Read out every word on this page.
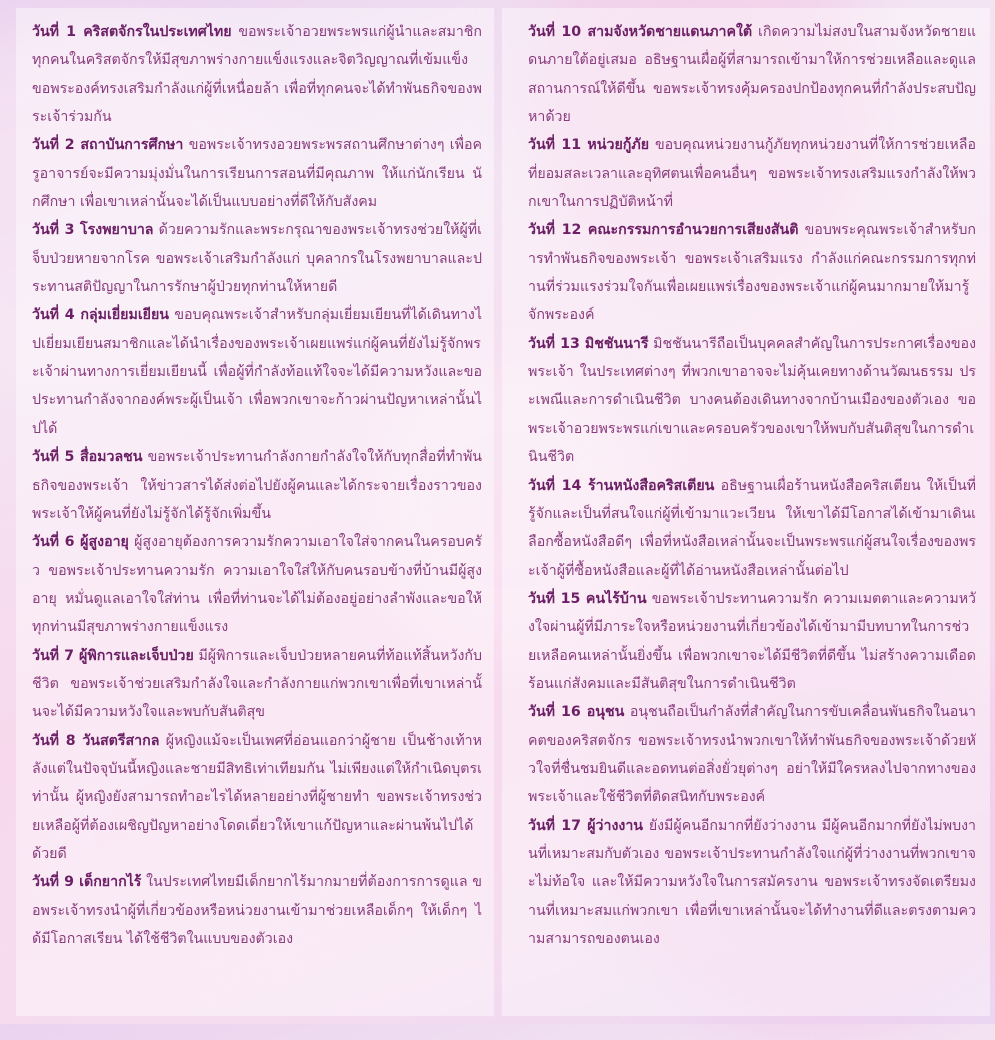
วันที่ 1 คริสตจักรในประเทศไทย ขอพระเจ้าอวยพระพรแก่ผู้นำและสมาชิกทุกคนในคริสตจักรให้มีสุขภาพร่างกายแข็งแรงและจิตวิญญาณที่เข้มแข็ง ขอพระองค์ทรงเสริมกำลังแก่ผู้ที่เหนื่อยล้า เพื่อที่ทุกคนจะได้ทำพันธกิจของพระเจ้าร่วมกัน

วันที่ 2 สถาบันการศึกษา ขอพระเจ้าทรงอวยพระพรสถานศึกษาต่างๆ เพื่อครูอาจารย์จะมีความมุ่งมั่นในการเรียนการสอนที่มีคุณภาพ ให้แก่นักเรียน นักศึกษา เพื่อเขาเหล่านั้นจะได้เป็นแบบอย่างที่ดีให้กับสังคม

วันที่ 3 โรงพยาบาล ด้วยความรักและพระกรุณาของพระเจ้าทรงช่วยให้ผู้ที่เจ็บป่วยหายจากโรค ขอพระเจ้าเสริมกำลังแก่ บุคลากรในโรงพยาบาลและประทานสติปัญญาในการรักษาผู้ป่วยทุกท่านให้หายดี

วันที่ 4 กลุ่มเยี่ยมเยียน ขอบคุณพระเจ้าสำหรับกลุ่มเยี่ยมเยียนที่ได้เดินทางไปเยี่ยมเยียนสมาชิกและได้นำเรื่องของพระเจ้าเผยแพร่แก่ผู้คนที่ยังไม่รู้จักพระเจ้าผ่านทางการเยี่ยมเยียนนี้ เพื่อผู้ที่กำลังท้อแท้ใจจะได้มีความหวังและขอประทานกำลังจากองค์พระผู้เป็นเจ้า เพื่อพวกเขาจะก้าวผ่านปัญหาเหล่านั้นไปได้

วันที่ 5 สื่อมวลชน ขอพระเจ้าประทานกำลังกายกำลังใจให้กับทุกสื่อที่ทำพันธกิจของพระเจ้า ให้ข่าวสารได้ส่งต่อไปยังผู้คนและได้กระจายเรื่องราวของพระเจ้าให้ผู้คนที่ยังไม่รู้จักได้รู้จักเพิ่มขึ้น

วันที่ 6 ผู้สูงอายุ ผู้สูงอายุต้องการความรักความเอาใจใส่จากคนในครอบครัว ขอพระเจ้าประทานความรัก ความเอาใจใส่ให้กับคนรอบข้างที่บ้านมีผู้สูงอายุ หมั่นดูแลเอาใจใส่ท่าน เพื่อที่ท่านจะได้ไม่ต้องอยู่อย่างลำพังและขอให้ทุกท่านมีสุขภาพร่างกายแข็งแรง

วันที่ 7 ผู้พิการและเจ็บป่วย มีผู้พิการและเจ็บป่วยหลายคนที่ท้อแท้สิ้นหวังกับชีวิต ขอพระเจ้าช่วยเสริมกำลังใจและกำลังกายแก่พวกเขาเพื่อที่เขาเหล่านั้นจะได้มีความหวังใจและพบกับสันติสุข

วันที่ 8 วันสตรีสากล ผู้หญิงแม้จะเป็นเพศที่อ่อนแอกว่าผู้ชาย เป็นช้างเท้าหลังแต่ในปัจจุบันนี้หญิงและชายมีสิทธิเท่าเทียมกัน ไม่เพียงแต่ให้กำเนิดบุตรเท่านั้น ผู้หญิงยังสามารถทำอะไรได้หลายอย่างที่ผู้ชายทำ ขอพระเจ้าทรงช่วยเหลือผู้ที่ต้องเผชิญปัญหาอย่างโดดเดี่ยวให้เขาแก้ปัญหาและผ่านพ้นไปได้ด้วยดี

วันที่ 9 เด็กยากไร้ ในประเทศไทยมีเด็กยากไร้มากมายที่ต้องการการดูแล ขอพระเจ้าทรงนำผู้ที่เกี่ยวข้องหรือหน่วยงานเข้ามาช่วยเหลือเด็กๆ ให้เด็กๆ ได้มีโอกาสเรียน ได้ใช้ชีวิตในแบบของตัวเอง

วันที่ 10 สามจังหวัดชายแดนภาคใต้ เกิดความไม่สงบในสามจังหวัดชายแดนภายใต้อยู่เสมอ อธิษฐานเผื่อผู้ที่สามารถเข้ามาให้การช่วยเหลือและดูแลสถานการณ์ให้ดีขึ้น ขอพระเจ้าทรงคุ้มครองปกป้องทุกคนที่กำลังประสบปัญหาด้วย

วันที่ 11 หน่วยกู้ภัย ขอบคุณหน่วยงานกู้ภัยทุกหน่วยงานที่ให้การช่วยเหลือที่ยอมสละเวลาและอุทิศตนเพื่อคนอื่นๆ ขอพระเจ้าทรงเสริมแรงกำลังให้พวกเขาในการปฏิบัติหน้าที่

วันที่ 12 คณะกรรมการอำนวยการเสียงสันติ ขอบพระคุณพระเจ้าสำหรับการทำพันธกิจของพระเจ้า ขอพระเจ้าเสริมแรง กำลังแก่คณะกรรมการทุกท่านที่ร่วมแรงร่วมใจกันเพื่อเผยแพร่เรื่องของพระเจ้าแก่ผู้คนมากมายให้มารู้จักพระองค์

วันที่ 13 มิชชันนารี มิชชันนารีถือเป็นบุคคลสำคัญในการประกาศเรื่องของพระเจ้า ในประเทศต่างๆ ที่พวกเขาอาจจะไม่คุ้นเคยทางด้านวัฒนธรรม ประเพณีและการดำเนินชีวิต บางคนต้องเดินทางจากบ้านเมืองของตัวเอง ขอพระเจ้าอวยพระพรแก่เขาและครอบครัวของเขาให้พบกับสันติสุขในการดำเนินชีวิต

วันที่ 14 ร้านหนังสือคริสเตียน อธิษฐานเผื่อร้านหนังสือคริสเตียน ให้เป็นที่รู้จักและเป็นที่สนใจแก่ผู้ที่เข้ามาแวะเวียน ให้เขาได้มีโอกาสได้เข้ามาเดินเลือกซื้อหนังสือดีๆ เพื่อที่หนังสือเหล่านั้นจะเป็นพระพรแก่ผู้สนใจเรื่องของพระเจ้าผู้ที่ซื้อหนังสือและผู้ที่ได้อ่านหนังสือเหล่านั้นต่อไป

วันที่ 15 คนไร้บ้าน ขอพระเจ้าประทานความรัก ความเมตตาและความหวังใจผ่านผู้ที่มีภาระใจหรือหน่วยงานที่เกี่ยวข้องได้เข้ามามีบทบาทในการช่วยเหลือคนเหล่านั้นยิ่งขึ้น เพื่อพวกเขาจะได้มีชีวิตที่ดีขึ้น ไม่สร้างความเดือดร้อนแก่สังคมและมีสันติสุขในการดำเนินชีวิต

วันที่ 16 อนุชน อนุชนถือเป็นกำลังที่สำคัญในการขับเคลื่อนพันธกิจในอนาคตของคริสตจักร ขอพระเจ้าทรงนำพวกเขาให้ทำพันธกิจของพระเจ้าด้วยหัวใจที่ชื่นชมยินดีและอดทนต่อสิ่งยั่วยุต่างๆ อย่าให้มีใครหลงไปจากทางของพระเจ้าและใช้ชีวิตที่ติดสนิทกับพระองค์

วันที่ 17 ผู้ว่างงาน ยังมีผู้คนอีกมากที่ยังว่างงาน มีผู้คนอีกมากที่ยังไม่พบงานที่เหมาะสมกับตัวเอง ขอพระเจ้าประทานกำลังใจแก่ผู้ที่ว่างงานที่พวกเขาจะไม่ท้อใจ และให้มีความหวังใจในการสมัครงาน ขอพระเจ้าทรงจัดเตรียมงานที่เหมาะสมแก่พวกเขา เพื่อที่เขาเหล่านั้นจะได้ทำงานที่ดีและตรงตามความสามารถของตนเอง
